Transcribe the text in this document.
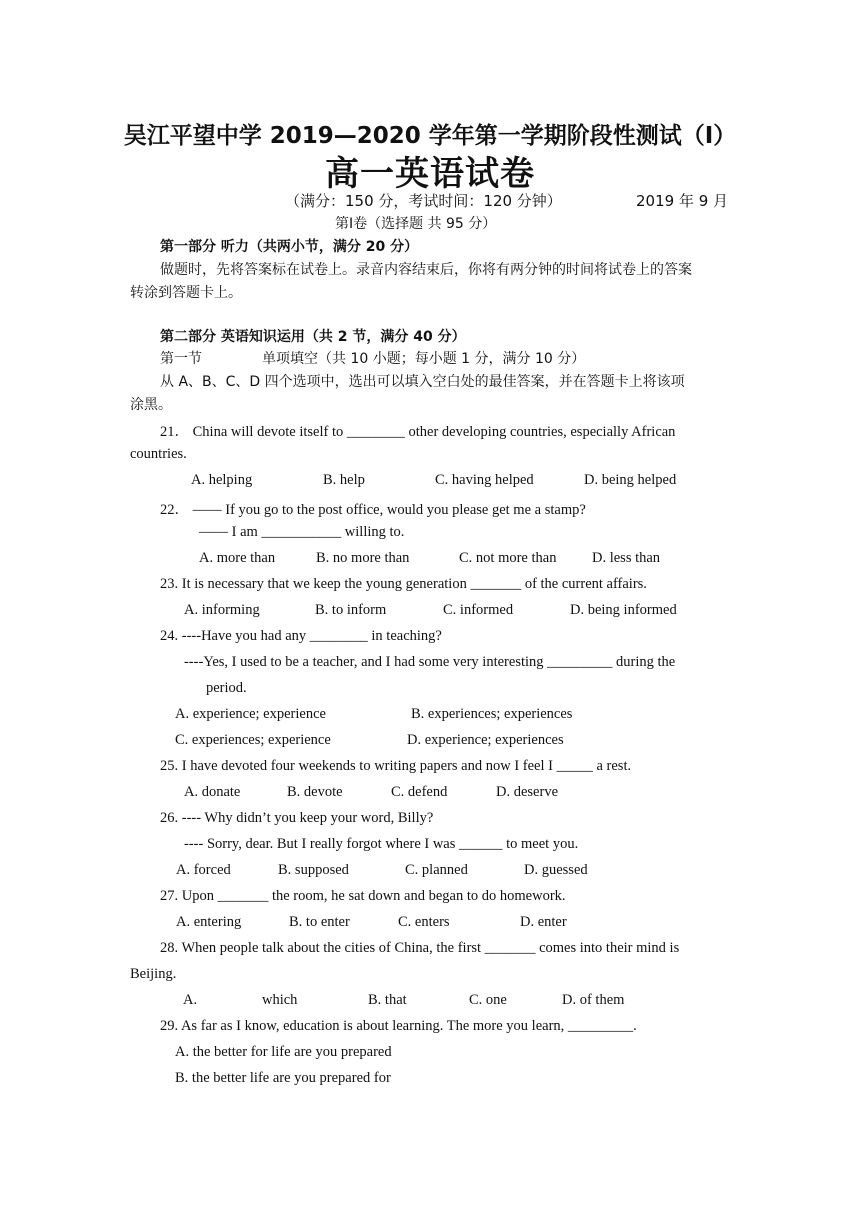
吴江平望中学 2019—2020 学年第一学期阶段性测试（Ⅰ）
高一英语试卷
（满分：150 分，考试时间：120 分钟）	2019 年 9 月
第Ⅰ卷（选择题 共 95 分）
第一部分 听力（共两小节，满分 20 分）
做题时，先将答案标在试卷上。录音内容结束后，你将有两分钟的时间将试卷上的答案
转涂到答题卡上。
第二部分 英语知识运用（共 2 节，满分 40 分）
第一节	单项填空（共 10 小题；每小题 1 分，满分 10 分）
从 A、B、C、D 四个选项中，选出可以填入空白处的最佳答案，并在答题卡上将该项
涂黑。
21． China will devote itself to ________ other developing countries, especially African
countries.
A. helping	B. help	C. having helped	D. being helped
22． —— If you go to the post office, would you please get me a stamp?
—— I am ___________ willing to.
A. more than	B. no more than	C. not more than D. less than
23. It is necessary that we keep the young generation _______ of the current affairs.
A. informing	B. to inform	C. informed	D. being informed
24. ----Have you had any ________ in teaching?
----Yes, I used to be a teacher, and I had some very interesting _________ during the
period.
A. experience; experience	B. experiences; experiences
C. experiences; experience	D. experience; experiences
25. I have devoted four weekends to writing papers and now I feel I _____ a rest.
A. donate	B. devote	C. defend	D. deserve
26. ---- Why didn’t you keep your word, Billy?
---- Sorry, dear. But I really forgot where I was ______ to meet you.
A. forced	B. supposed	C. planned	D. guessed
27. Upon _______ the room, he sat down and began to do homework.
A. entering	B. to enter	C. enters	D. enter
28. When people talk about the cities of China, the first _______ comes into their mind is
Beijing.
A.	which	B. that	C. one	D. of them
29. As far as I know, education is about learning. The more you learn, _________.
A. the better for life are you prepared
B. the better life are you prepared for
